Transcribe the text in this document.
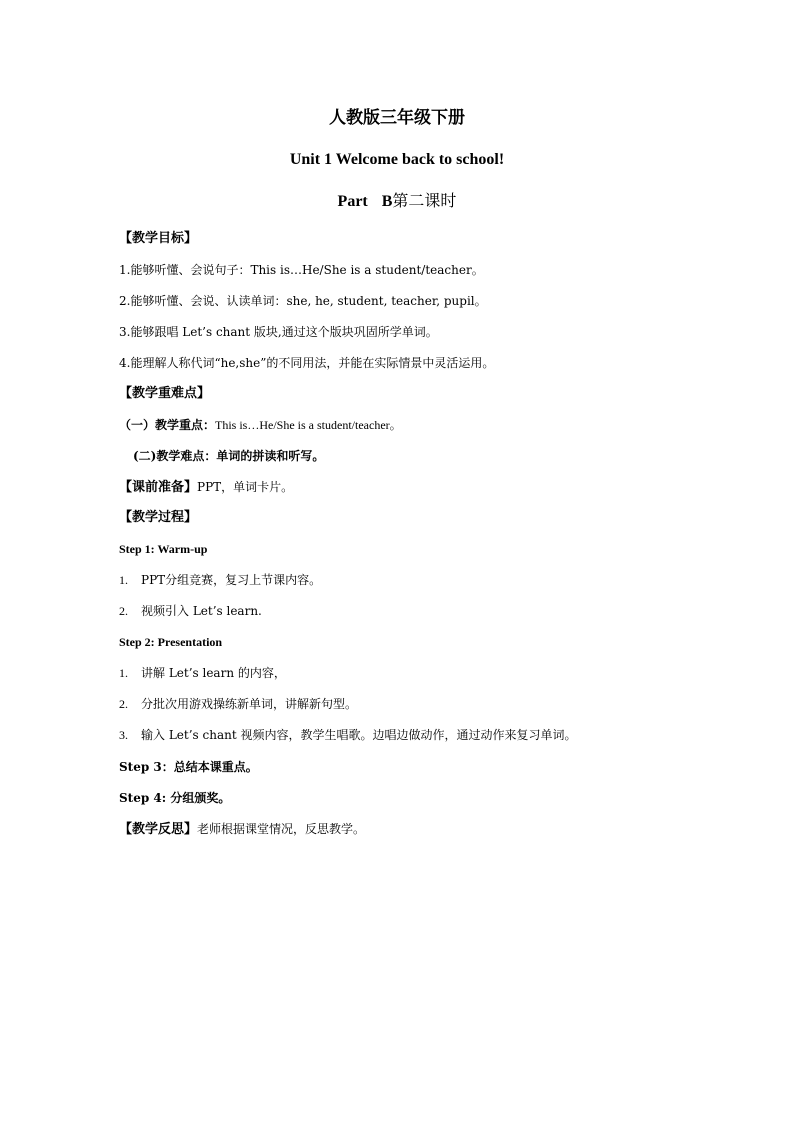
人教版三年级下册
Unit 1 Welcome back to school!
Part B第二课时
【教学目标】
1.能够听懂、会说句子：This is…He/She is a student/teacher。
2.能够听懂、会说、认读单词：she, he, student, teacher, pupil。
3.能够跟唱 Let’s chant 版块,通过这个版块巩固所学单词。
4.能理解人称代词“he,she”的不同用法，并能在实际情景中灵活运用。
【教学重难点】
（一）教学重点：This is…He/She is a student/teacher。
(二)教学难点：单词的拼读和听写。
【课前准备】PPT，单词卡片。
【教学过程】
Step 1: Warm-up
1. PPT分组竞赛，复习上节课内容。
2. 视频引入 Let’s learn.
Step 2: Presentation
1. 讲解 Let’s learn 的内容，
2. 分批次用游戏操练新单词，讲解新句型。
3. 输入 Let’s chant 视频内容，教学生唱歌。边唱边做动作，通过动作来复习单词。
Step 3：总结本课重点。
Step 4: 分组颁奖。
【教学反思】老师根据课堂情况，反思教学。
